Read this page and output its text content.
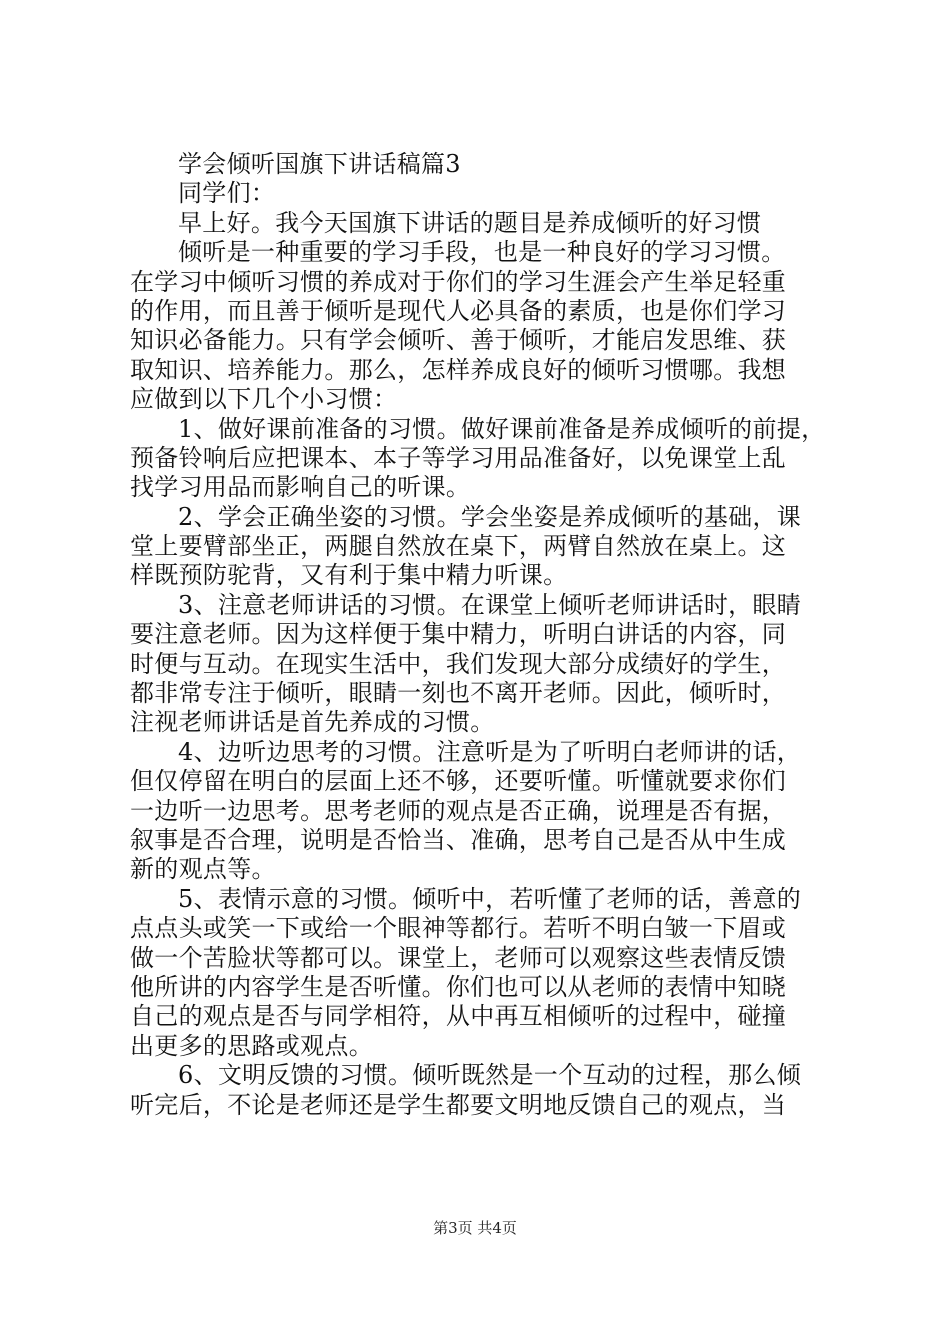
学会倾听国旗下讲话稿篇3
同学们：
早上好。我今天国旗下讲话的题目是养成倾听的好习惯
倾听是一种重要的学习手段，也是一种良好的学习习惯。
在学习中倾听习惯的养成对于你们的学习生涯会产生举足轻重
的作用，而且善于倾听是现代人必具备的素质，也是你们学习
知识必备能力。只有学会倾听、善于倾听，才能启发思维、获
取知识、培养能力。那么，怎样养成良好的倾听习惯哪。我想
应做到以下几个小习惯：
1、做好课前准备的习惯。做好课前准备是养成倾听的前提，
预备铃响后应把课本、本子等学习用品准备好，以免课堂上乱
找学习用品而影响自己的听课。
2、学会正确坐姿的习惯。学会坐姿是养成倾听的基础，课
堂上要臂部坐正，两腿自然放在桌下，两臂自然放在桌上。这
样既预防驼背，又有利于集中精力听课。
3、注意老师讲话的习惯。在课堂上倾听老师讲话时，眼睛
要注意老师。因为这样便于集中精力，听明白讲话的内容，同
时便与互动。在现实生活中，我们发现大部分成绩好的学生，
都非常专注于倾听，眼睛一刻也不离开老师。因此，倾听时，
注视老师讲话是首先养成的习惯。
4、边听边思考的习惯。注意听是为了听明白老师讲的话，
但仅停留在明白的层面上还不够，还要听懂。听懂就要求你们
一边听一边思考。思考老师的观点是否正确，说理是否有据，
叙事是否合理，说明是否恰当、准确，思考自己是否从中生成
新的观点等。
5、表情示意的习惯。倾听中，若听懂了老师的话，善意的
点点头或笑一下或给一个眼神等都行。若听不明白皱一下眉或
做一个苦脸状等都可以。课堂上，老师可以观察这些表情反馈
他所讲的内容学生是否听懂。你们也可以从老师的表情中知晓
自己的观点是否与同学相符，从中再互相倾听的过程中，碰撞
出更多的思路或观点。
6、文明反馈的习惯。倾听既然是一个互动的过程，那么倾
听完后，不论是老师还是学生都要文明地反馈自己的观点，当
第3页 共4页
